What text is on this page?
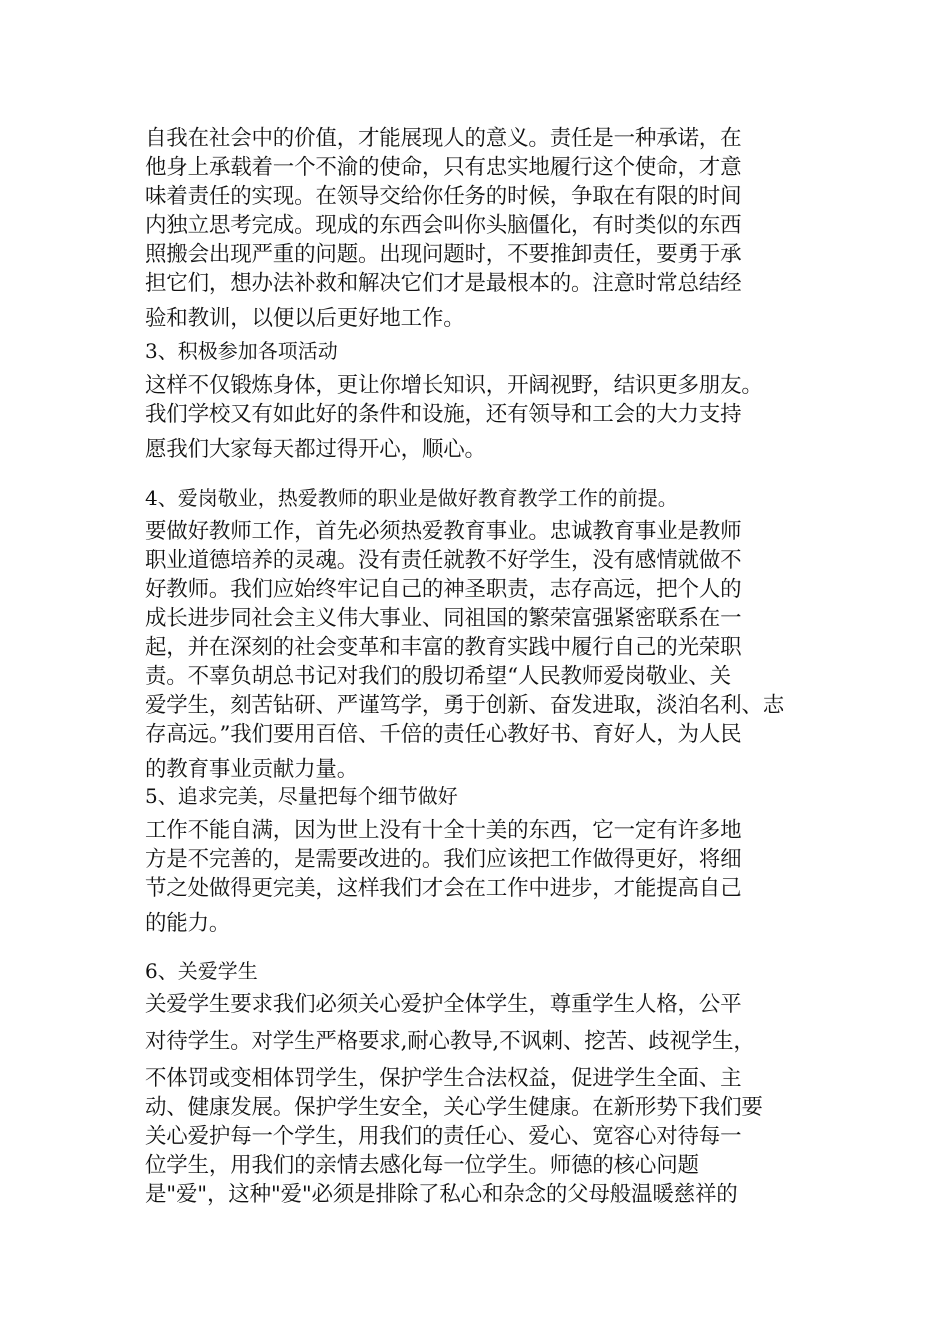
自我在社会中的价值，才能展现人的意义。责任是一种承诺，在
他身上承载着一个不渝的使命，只有忠实地履行这个使命，才意
味着责任的实现。在领导交给你任务的时候，争取在有限的时间
内独立思考完成。现成的东西会叫你头脑僵化，有时类似的东西
照搬会出现严重的问题。出现问题时，不要推卸责任，要勇于承
担它们，想办法补救和解决它们才是最根本的。注意时常总结经
验和教训，以便以后更好地工作。
3、积极参加各项活动
这样不仅锻炼身体，更让你增长知识，开阔视野，结识更多朋友。
我们学校又有如此好的条件和设施，还有领导和工会的大力支持
愿我们大家每天都过得开心，顺心。
4、爱岗敬业，热爱教师的职业是做好教育教学工作的前提。
要做好教师工作，首先必须热爱教育事业。忠诚教育事业是教师
职业道德培养的灵魂。没有责任就教不好学生，没有感情就做不
好教师。我们应始终牢记自己的神圣职责，志存高远，把个人的
成长进步同社会主义伟大事业、同祖国的繁荣富强紧密联系在一
起，并在深刻的社会变革和丰富的教育实践中履行自己的光荣职
责。不辜负胡总书记对我们的殷切希望“人民教师爱岗敬业、关
爱学生，刻苦钻研、严谨笃学，勇于创新、奋发进取，淡泊名利、志
存高远。”我们要用百倍、千倍的责任心教好书、育好人，为人民
的教育事业贡献力量。
5、追求完美，尽量把每个细节做好
工作不能自满，因为世上没有十全十美的东西，它一定有许多地
方是不完善的，是需要改进的。我们应该把工作做得更好，将细
节之处做得更完美，这样我们才会在工作中进步，才能提高自己
的能力。
6、关爱学生
关爱学生要求我们必须关心爱护全体学生，尊重学生人格，公平
对待学生。对学生严格要求,耐心教导,不讽刺、挖苦、歧视学生，
不体罚或变相体罚学生，保护学生合法权益，促进学生全面、主
动、健康发展。保护学生安全，关心学生健康。在新形势下我们要
关心爱护每一个学生，用我们的责任心、爱心、宽容心对待每一
位学生，用我们的亲情去感化每一位学生。师德的核心问题
是"爱"，这种"爱"必须是排除了私心和杂念的父母般温暖慈祥的
